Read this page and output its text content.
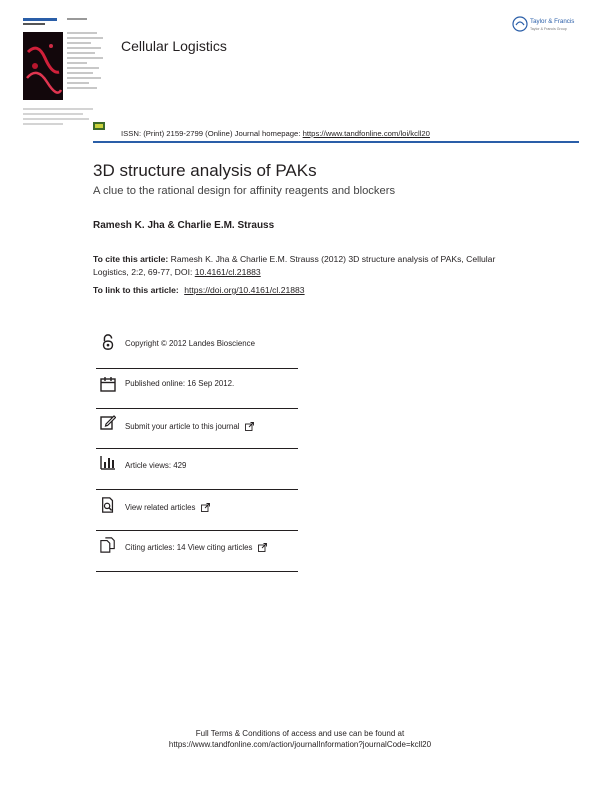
Cellular Logistics
Taylor & Francis
Taylor & Francis Group
ISSN: (Print) 2159-2799 (Online) Journal homepage: https://www.tandfonline.com/loi/kcll20
3D structure analysis of PAKs
A clue to the rational design for affinity reagents and blockers
Ramesh K. Jha & Charlie E.M. Strauss
To cite this article: Ramesh K. Jha & Charlie E.M. Strauss (2012) 3D structure analysis of PAKs, Cellular Logistics, 2:2, 69-77, DOI: 10.4161/cl.21883
To link to this article: https://doi.org/10.4161/cl.21883
Copyright © 2012 Landes Bioscience
Published online: 16 Sep 2012.
Submit your article to this journal
Article views: 429
View related articles
Citing articles: 14 View citing articles
Full Terms & Conditions of access and use can be found at
https://www.tandfonline.com/action/journalInformation?journalCode=kcll20
